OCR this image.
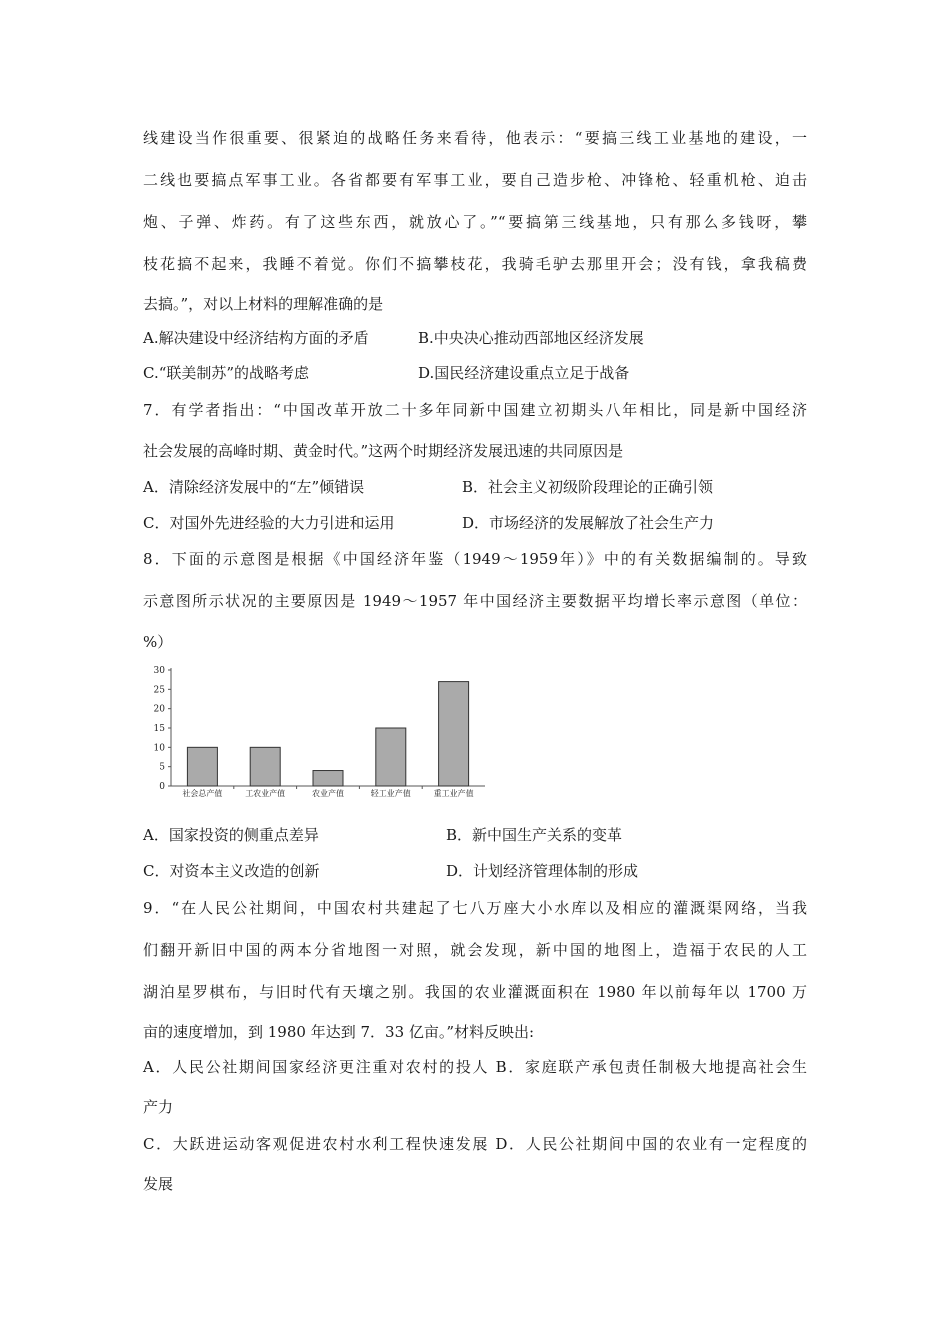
线建设当作很重要、很紧迫的战略任务来看待，他表示：“要搞三线工业基地的建设，一
二线也要搞点军事工业。各省都要有军事工业，要自己造步枪、冲锋枪、轻重机枪、迫击
炮、子弹、炸药。有了这些东西，就放心了。”“要搞第三线基地，只有那么多钱呀，攀
枝花搞不起来，我睡不着觉。你们不搞攀枝花，我骑毛驴去那里开会；没有钱，拿我稿费
去搞。”，对以上材料的理解准确的是
A.解决建设中经济结构方面的矛盾	B.中央决心推动西部地区经济发展
C.“联美制苏”的战略考虑	D.国民经济建设重点立足于战备
7．有学者指出：“中国改革开放二十多年同新中国建立初期头八年相比，同是新中国经济
社会发展的高峰时期、黄金时代。”这两个时期经济发展迅速的共同原因是
A．清除经济发展中的“左”倾错误	B．社会主义初级阶段理论的正确引领
C．对国外先进经验的大力引进和运用	D．市场经济的发展解放了社会生产力
8．下面的示意图是根据《中国经济年鉴（1949～1959年）》中的有关数据编制的。导致
示意图所示状况的主要原因是 1949～1957 年中国经济主要数据平均增长率示意图（单位：
%）
0
5
10
15
20
25
30
社会总产值	工农业产值	农业产值	轻工业产值	重工业产值
A．国家投资的侧重点差异	B．新中国生产关系的变革
C．对资本主义改造的创新	D．计划经济管理体制的形成
9．“在人民公社期间，中国农村共建起了七八万座大小水库以及相应的灌溉渠网络，当我
们翻开新旧中国的两本分省地图一对照，就会发现，新中国的地图上，造福于农民的人工
湖泊星罗棋布，与旧时代有天壤之别。我国的农业灌溉面积在 1980 年以前每年以 1700 万
亩的速度增加，到 1980 年达到 7．33 亿亩。”材料反映出:
A．人民公社期间国家经济更注重对农村的投人 B．家庭联产承包责任制极大地提高社会生
产力
C．大跃进运动客观促进农村水利工程快速发展 D．人民公社期间中国的农业有一定程度的
发展
